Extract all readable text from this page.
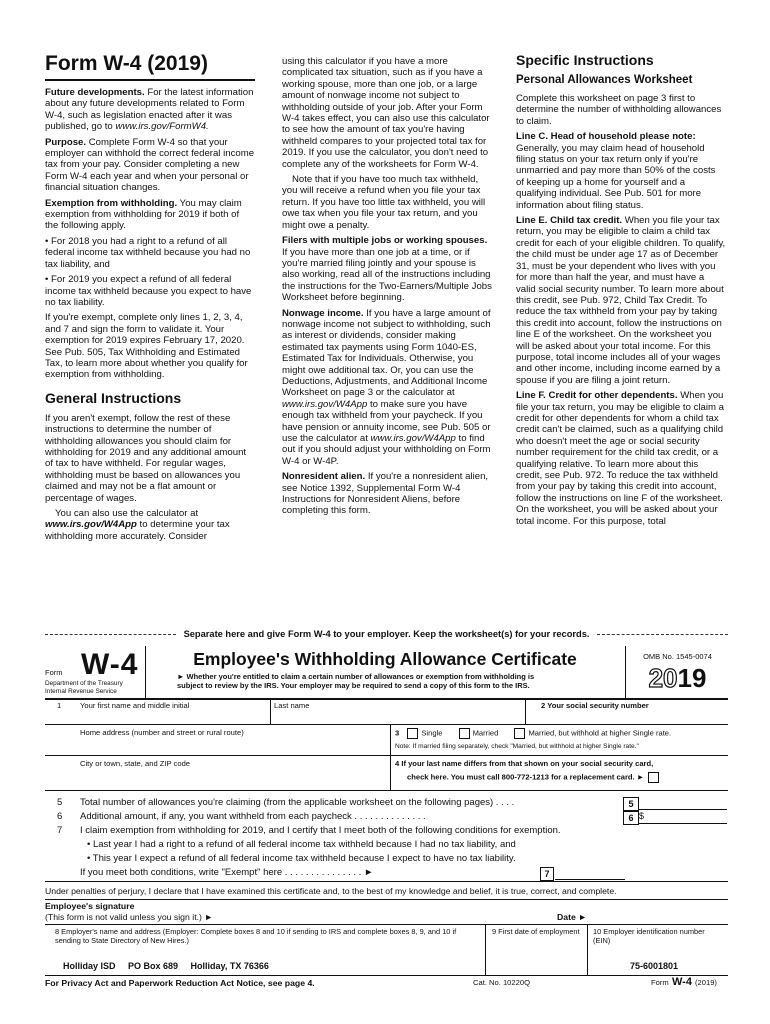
Form W-4 (2019)

Future developments. For the latest information about any future developments related to Form W-4, such as legislation enacted after it was published, go to www.irs.gov/FormW4.

Purpose. Complete Form W-4 so that your employer can withhold the correct federal income tax from your pay. Consider completing a new Form W-4 each year and when your personal or financial situation changes.

Exemption from withholding. You may claim exemption from withholding for 2019 if both of the following apply.

• For 2018 you had a right to a refund of all federal income tax withheld because you had no tax liability, and

• For 2019 you expect a refund of all federal income tax withheld because you expect to have no tax liability.

If you're exempt, complete only lines 1, 2, 3, 4, and 7 and sign the form to validate it. Your exemption for 2019 expires February 17, 2020. See Pub. 505, Tax Withholding and Estimated Tax, to learn more about whether you qualify for exemption from withholding.

General Instructions

If you aren't exempt, follow the rest of these instructions to determine the number of withholding allowances you should claim for withholding for 2019 and any additional amount of tax to have withheld. For regular wages, withholding must be based on allowances you claimed and may not be a flat amount or percentage of wages.

You can also use the calculator at www.irs.gov/W4App to determine your tax withholding more accurately. Consider

using this calculator if you have a more complicated tax situation, such as if you have a working spouse, more than one job, or a large amount of nonwage income not subject to withholding outside of your job. After your Form W-4 takes effect, you can also use this calculator to see how the amount of tax you're having withheld compares to your projected total tax for 2019. If you use the calculator, you don't need to complete any of the worksheets for Form W-4.

Note that if you have too much tax withheld, you will receive a refund when you file your tax return. If you have too little tax withheld, you will owe tax when you file your tax return, and you might owe a penalty.

Filers with multiple jobs or working spouses. If you have more than one job at a time, or if you're married filing jointly and your spouse is also working, read all of the instructions including the instructions for the Two-Earners/Multiple Jobs Worksheet before beginning.

Nonwage income. If you have a large amount of nonwage income not subject to withholding, such as interest or dividends, consider making estimated tax payments using Form 1040-ES, Estimated Tax for Individuals. Otherwise, you might owe additional tax. Or, you can use the Deductions, Adjustments, and Additional Income Worksheet on page 3 or the calculator at www.irs.gov/W4App to make sure you have enough tax withheld from your paycheck. If you have pension or annuity income, see Pub. 505 or use the calculator at www.irs.gov/W4App to find out if you should adjust your withholding on Form W-4 or W-4P.

Nonresident alien. If you're a nonresident alien, see Notice 1392, Supplemental Form W-4 Instructions for Nonresident Aliens, before completing this form.

Specific Instructions
Personal Allowances Worksheet

Complete this worksheet on page 3 first to determine the number of withholding allowances to claim.

Line C. Head of household please note: Generally, you may claim head of household filing status on your tax return only if you're unmarried and pay more than 50% of the costs of keeping up a home for yourself and a qualifying individual. See Pub. 501 for more information about filing status.

Line E. Child tax credit. When you file your tax return, you may be eligible to claim a child tax credit for each of your eligible children. To qualify, the child must be under age 17 as of December 31, must be your dependent who lives with you for more than half the year, and must have a valid social security number. To learn more about this credit, see Pub. 972, Child Tax Credit. To reduce the tax withheld from your pay by taking this credit into account, follow the instructions on line E of the worksheet. On the worksheet you will be asked about your total income. For this purpose, total income includes all of your wages and other income, including income earned by a spouse if you are filing a joint return.

Line F. Credit for other dependents. When you file your tax return, you may be eligible to claim a credit for other dependents for whom a child tax credit can't be claimed, such as a qualifying child who doesn't meet the age or social security number requirement for the child tax credit, or a qualifying relative. To learn more about this credit, see Pub. 972. To reduce the tax withheld from your pay by taking this credit into account, follow the instructions on line F of the worksheet. On the worksheet, you will be asked about your total income. For this purpose, total

Separate here and give Form W-4 to your employer. Keep the worksheet(s) for your records.
Form W-4
Department of the Treasury
Internal Revenue Service
Employee's Withholding Allowance Certificate
► Whether you're entitled to claim a certain number of allowances or exemption from withholding is
subject to review by the IRS. Your employer may be required to send a copy of this form to the IRS.
OMB No. 1545-0074
2019
1 Your first name and middle initial	Last name	2 Your social security number
Home address (number and street or rural route)	3	Single	Married	Married, but withhold at higher Single rate.
Note: If married filing separately, check "Married, but withhold at higher Single rate."
City or town, state, and ZIP code	4 If your last name differs from that shown on your social security card,
check here. You must call 800-772-1213 for a replacement card. ►
5 Total number of allowances you're claiming (from the applicable worksheet on the following pages) . . . .	5
6 Additional amount, if any, you want withheld from each paycheck . . . . . . . . . . . . . .	6 $
7 I claim exemption from withholding for 2019, and I certify that I meet both of the following conditions for exemption.
• Last year I had a right to a refund of all federal income tax withheld because I had no tax liability, and
• This year I expect a refund of all federal income tax withheld because I expect to have no tax liability.
If you meet both conditions, write "Exempt" here . . . . . . . . . . . . . . . ►	7
Under penalties of perjury, I declare that I have examined this certificate and, to the best of my knowledge and belief, it is true, correct, and complete.
Employee's signature
(This form is not valid unless you sign it.) ►	Date ►
8 Employer's name and address (Employer: Complete boxes 8 and 10 if sending to IRS and complete boxes 8, 9, and 10 if sending to State Directory of New Hires.)
Holliday ISD     PO Box 689     Holliday, TX 76366
9 First date of employment	10 Employer identification number (EIN)
75-6001801
For Privacy Act and Paperwork Reduction Act Notice, see page 4.	Cat. No. 10220Q	Form W-4 (2019)
